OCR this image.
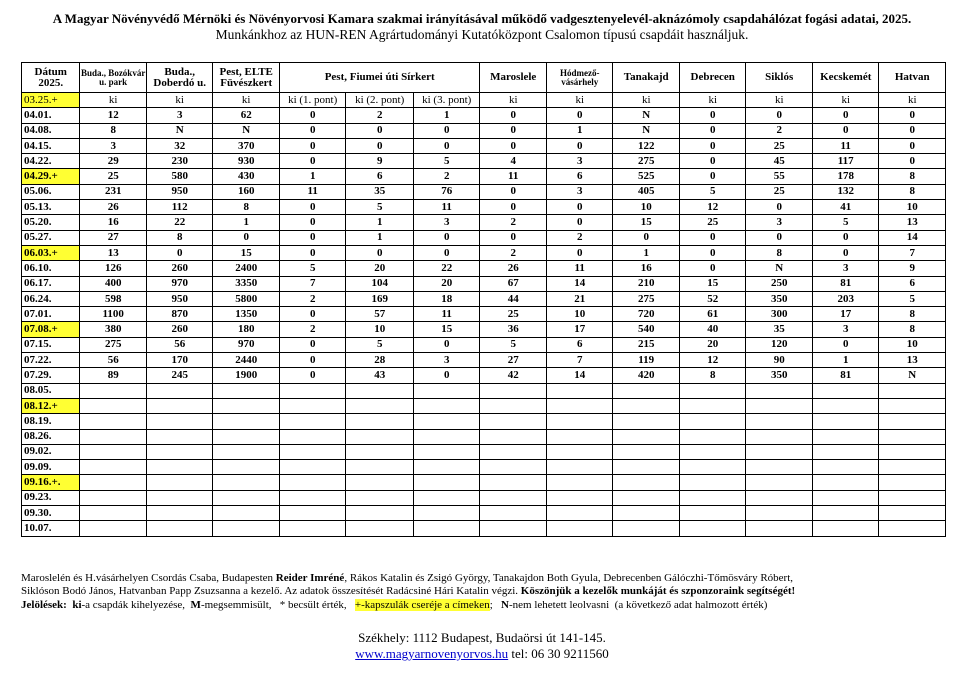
A Magyar Növényvédő Mérnöki és Növényorvosi Kamara szakmai irányításával működő vadgesztenyelevél-aknázómoly csapdahálózat fogási adatai, 2025.
Munkánkhoz az HUN-REN Agrártudományi Kutatóközpont Csalomon típusú csapdáit használjuk.
Dátum 2025.	Buda., Bozókvár u. park	Buda., Doberdó u.	Pest, ELTE Füvészkert	Pest, Fiumei úti Sírkert			Maroslele	Hódmező-vásárhely	Tanakajd	Debrecen	Siklós	Kecskemét	Hatvan
03.25.+	ki	ki	ki	ki (1. pont)	ki (2. pont)	ki (3. pont)	ki	ki	ki	ki	ki	ki	ki
04.01.	12	3	62	0	2	1	0	0	N	0	0	0	0
04.08.	8	N	N	0	0	0	0	1	N	0	2	0	0
04.15.	3	32	370	0	0	0	0	0	122	0	25	11	0
04.22.	29	230	930	0	9	5	4	3	275	0	45	117	0
04.29.+	25	580	430	1	6	2	11	6	525	0	55	178	8
05.06.	231	950	160	11	35	76	0	3	405	5	25	132	8
05.13.	26	112	8	0	5	11	0	0	10	12	0	41	10
05.20.	16	22	1	0	1	3	2	0	15	25	3	5	13
05.27.	27	8	0	0	1	0	0	2	0	0	0	0	14
06.03.+	13	0	15	0	0	0	2	0	1	0	8	0	7
06.10.	126	260	2400	5	20	22	26	11	16	0	N	3	9
06.17.	400	970	3350	7	104	20	67	14	210	15	250	81	6
06.24.	598	950	5800	2	169	18	44	21	275	52	350	203	5
07.01.	1100	870	1350	0	57	11	25	10	720	61	300	17	8
07.08.+	380	260	180	2	10	15	36	17	540	40	35	3	8
07.15.	275	56	970	0	5	0	5	6	215	20	120	0	10
07.22.	56	170	2440	0	28	3	27	7	119	12	90	1	13
07.29.	89	245	1900	0	43	0	42	14	420	8	350	81	N
08.05.													
08.12.+													
08.19.													
08.26.													
09.02.													
09.09.													
09.16.+.													
09.23.													
09.30.													
10.07.													

Maroslelén és H.vásárhelyen Csordás Csaba, Budapesten Reider Imréné, Rákos Katalin és Zsigó György, Tanakajdon Both Gyula, Debrecenben Gálóczhi-Tőmösváry Róbert,

Siklóson Bodó János, Hatvanban Papp Zsuzsanna a kezelő. Az adatok összesítését Radácsiné Hári Katalin végzi. Köszönjük a kezelők munkáját és szponzoraink segítségét!

Jelölések: ki-a csapdák kihelyezése, M-megsemmisült, * becsült érték, +-kapszulák cseréje a címeken; N-nem lehetett leolvasni (a következő adat halmozott érték)
Székhely: 1112 Budapest, Budaörsi út 141-145.
www.magyarnovenyorvos.hu tel: 06 30 9211560
